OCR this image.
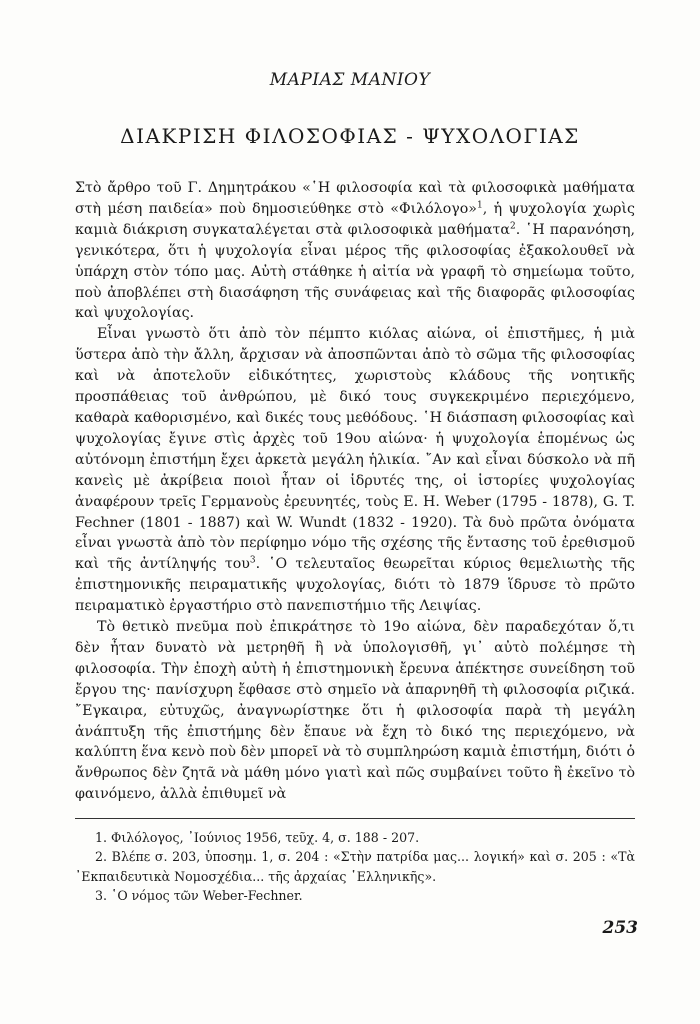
ΜΑΡΙΑΣ ΜΑΝΙΟΥ
ΔΙΑΚΡΙΣΗ ΦΙΛΟΣΟΦΙΑΣ - ΨΥΧΟΛΟΓΙΑΣ

Στὸ ἄρθρο τοῦ Γ. Δημητράκου «῾Η φιλοσοφία καὶ τὰ φιλοσοφικὰ μαθήματα στὴ μέση παιδεία» ποὺ δημοσιεύθηκε στὸ «Φιλόλογο»$^1$, ἡ ψυχολογία χωρὶς καμιὰ διάκριση συγκαταλέγεται στὰ φιλοσοφικὰ μαθήματα$^2$. ῾Η παρανόηση, γενικότερα, ὅτι ἡ ψυχολογία εἶναι μέρος τῆς φιλοσοφίας ἐξακολουθεῖ νὰ ὑπάρχη στὸν τόπο μας. Αὐτὴ στάθηκε ἡ αἰτία νὰ γραφῆ τὸ σημείωμα τοῦτο, ποὺ ἀποβλέπει στὴ διασάφηση τῆς συνάφειας καὶ τῆς διαφορᾶς φιλοσοφίας καὶ ψυχολογίας.

Εἶναι γνωστὸ ὅτι ἀπὸ τὸν πέμπτο κιόλας αἰώνα, οἱ ἐπιστῆμες, ἡ μιὰ ὕστερα ἀπὸ τὴν ἄλλη, ἄρχισαν νὰ ἀποσπῶνται ἀπὸ τὸ σῶμα τῆς φιλοσοφίας καὶ νὰ ἀποτελοῦν εἰδικότητες, χωριστοὺς κλάδους τῆς νοητικῆς προσπάθειας τοῦ ἀνθρώπου, μὲ δικό τους συγκεκριμένο περιεχόμενο, καθαρὰ καθορισμένο, καὶ δικές τους μεθόδους. ῾Η διάσπαση φιλοσοφίας καὶ ψυχολογίας ἔγινε στὶς ἀρχὲς τοῦ 19ου αἰώνα· ἡ ψυχολογία ἑπομένως ὡς αὐτόνομη ἐπιστήμη ἔχει ἀρκετὰ μεγάλη ἡλικία. ῎Αν καὶ εἶναι δύσκολο νὰ πῆ κανεὶς μὲ ἀκρίβεια ποιοὶ ἦταν οἱ ἱδρυτές της, οἱ ἱστορίες ψυχολογίας ἀναφέρουν τρεῖς Γερμανοὺς ἐρευνητές, τοὺς E. H. Weber (1795 - 1878), G. T. Fechner (1801 - 1887) καὶ W. Wundt (1832 - 1920). Τὰ δυὸ πρῶτα ὀνόματα εἶναι γνωστὰ ἀπὸ τὸν περίφημο νόμο τῆς σχέσης τῆς ἔντασης τοῦ ἐρεθισμοῦ καὶ τῆς ἀντίληψής του$^3$. ῾Ο τελευταῖος θεωρεῖται κύριος θεμελιωτὴς τῆς ἐπιστημονικῆς πειραματικῆς ψυχολογίας, διότι τὸ 1879 ἵδρυσε τὸ πρῶτο πειραματικὸ ἐργαστήριο στὸ πανεπιστήμιο τῆς Λειψίας.

Τὸ θετικὸ πνεῦμα ποὺ ἐπικράτησε τὸ 19ο αἰώνα, δὲν παραδεχόταν ὅ,τι δὲν ἦταν δυνατὸ νὰ μετρηθῆ ἢ νὰ ὑπολογισθῆ, γι᾿ αὐτὸ πολέμησε τὴ φιλοσοφία. Τὴν ἐποχὴ αὐτὴ ἡ ἐπιστημονικὴ ἔρευνα ἀπέκτησε συνείδηση τοῦ ἔργου της· πανίσχυρη ἔφθασε στὸ σημεῖο νὰ ἀπαρνηθῆ τὴ φιλοσοφία ριζικά. ῎Εγκαιρα, εὐτυχῶς, ἀναγνωρίστηκε ὅτι ἡ φιλοσοφία παρὰ τὴ μεγάλη ἀνάπτυξη τῆς ἐπιστήμης δὲν ἔπαυε νὰ ἔχη τὸ δικό της περιεχόμενο, νὰ καλύπτη ἕνα κενὸ ποὺ δὲν μπορεῖ νὰ τὸ συμπληρώση καμιὰ ἐπιστήμη, διότι ὁ ἄνθρωπος δὲν ζητᾶ νὰ μάθη μόνο γιατὶ καὶ πῶς συμβαίνει τοῦτο ἢ ἐκεῖνο τὸ φαινόμενο, ἀλλὰ ἐπιθυμεῖ νὰ

1. Φιλόλογος, ᾿Ιούνιος 1956, τεῦχ. 4, σ. 188 - 207.

2. Βλέπε σ. 203, ὑποσημ. 1, σ. 204 : «Στὴν πατρίδα μας... λογική» καὶ σ. 205 : «Τὰ ᾿Εκπαιδευτικὰ Νομοσχέδια... τῆς ἀρχαίας ῾Ελληνικῆς».

3. ῾Ο νόμος τῶν Weber-Fechner.

253
